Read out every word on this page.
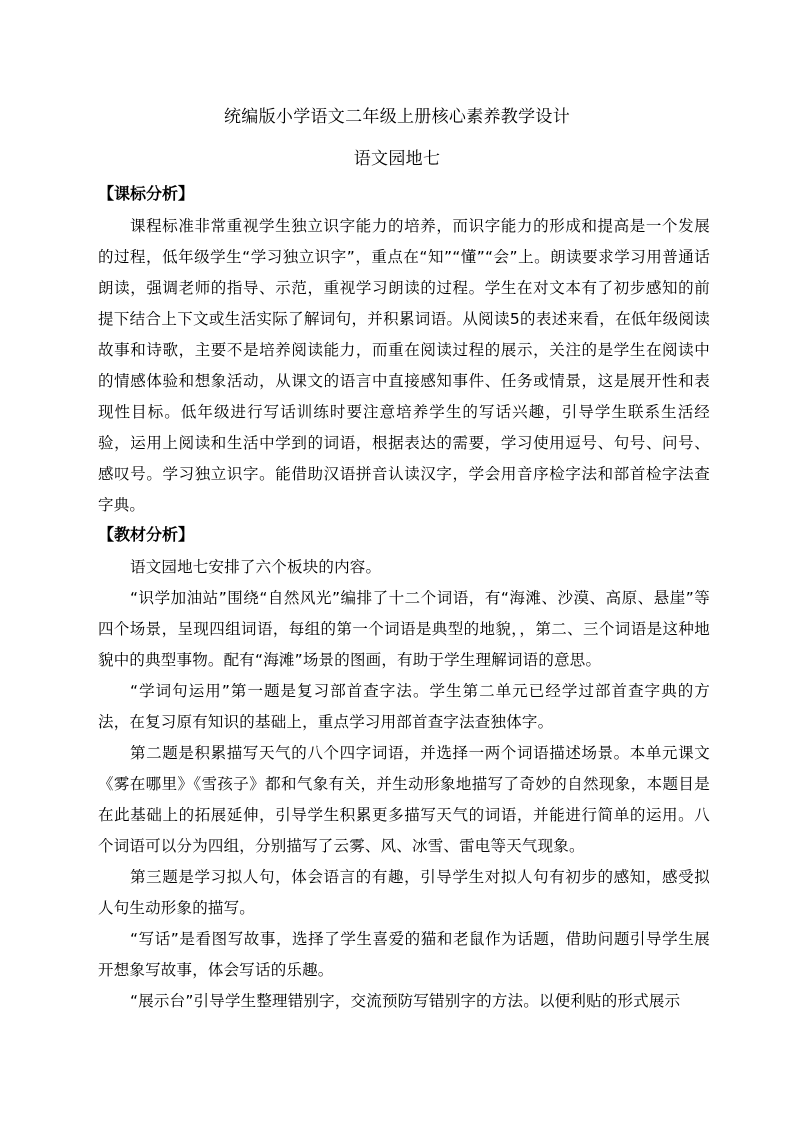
统编版小学语文二年级上册核心素养教学设计
语文园地七
【课标分析】
课程标准非常重视学生独立识字能力的培养，而识字能力的形成和提高是一个发展的过程，低年级学生“学习独立识字”，重点在“知”“懂”“会”上。朗读要求学习用普通话朗读，强调老师的指导、示范，重视学习朗读的过程。学生在对文本有了初步感知的前提下结合上下文或生活实际了解词句，并积累词语。从阅读5的表述来看，在低年级阅读故事和诗歌，主要不是培养阅读能力，而重在阅读过程的展示，关注的是学生在阅读中的情感体验和想象活动，从课文的语言中直接感知事件、任务或情景，这是展开性和表现性目标。低年级进行写话训练时要注意培养学生的写话兴趣，引导学生联系生活经验，运用上阅读和生活中学到的词语，根据表达的需要，学习使用逗号、句号、问号、感叹号。学习独立识字。能借助汉语拼音认读汉字，学会用音序检字法和部首检字法查字典。
【教材分析】
语文园地七安排了六个板块的内容。
“识学加油站”围绕“自然风光”编排了十二个词语，有“海滩、沙漠、高原、悬崖”等四个场景，呈现四组词语，每组的第一个词语是典型的地貌，，第二、三个词语是这种地貌中的典型事物。配有“海滩”场景的图画，有助于学生理解词语的意思。
“学词句运用”第一题是复习部首查字法。学生第二单元已经学过部首查字典的方法，在复习原有知识的基础上，重点学习用部首查字法查独体字。
第二题是积累描写天气的八个四字词语，并选择一两个词语描述场景。本单元课文《雾在哪里》《雪孩子》都和气象有关，并生动形象地描写了奇妙的自然现象，本题目是在此基础上的拓展延伸，引导学生积累更多描写天气的词语，并能进行简单的运用。八个词语可以分为四组，分别描写了云雾、风、冰雪、雷电等天气现象。
第三题是学习拟人句，体会语言的有趣，引导学生对拟人句有初步的感知，感受拟人句生动形象的描写。
“写话”是看图写故事，选择了学生喜爱的猫和老鼠作为话题，借助问题引导学生展开想象写故事，体会写话的乐趣。
“展示台”引导学生整理错别字，交流预防写错别字的方法。以便利贴的形式展示
